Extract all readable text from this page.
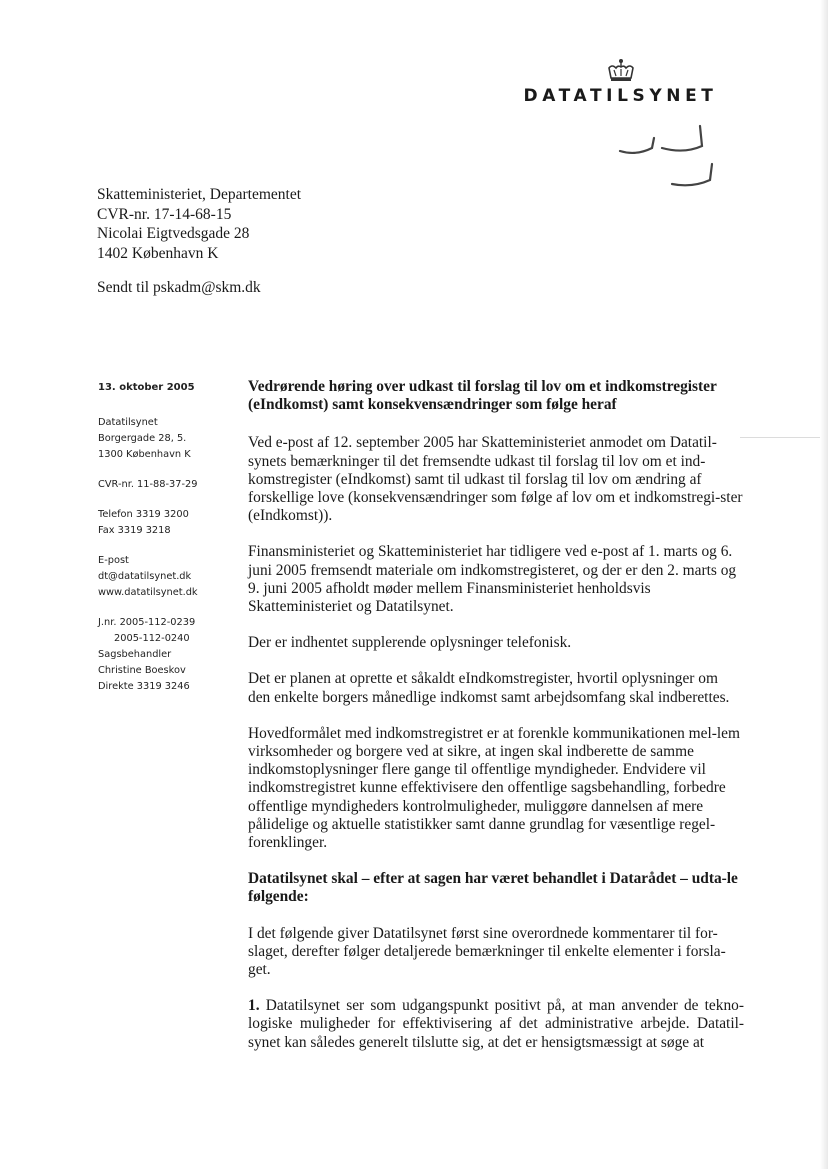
DATATILSYNET
Skatteministeriet, Departementet
CVR-nr. 17-14-68-15
Nicolai Eigtvedsgade 28
1402 København K
Sendt til pskadm@skm.dk
13. oktober 2005
Datatilsynet
Borgergade 28, 5.
1300 København K
CVR-nr. 11-88-37-29
Telefon 3319 3200
Fax 3319 3218
E-post
dt@datatilsynet.dk
www.datatilsynet.dk
J.nr. 2005-112-0239
2005-112-0240
Sagsbehandler
Christine Boeskov
Direkte 3319 3246

Vedrørende høring over udkast til forslag til lov om et indkomstregister (eIndkomst) samt konsekvensændringer som følge heraf

Ved e-post af 12. september 2005 har Skatteministeriet anmodet om Datatil-synets bemærkninger til det fremsendte udkast til forslag til lov om et ind-komstregister (eIndkomst) samt til udkast til forslag til lov om ændring af forskellige love (konsekvensændringer som følge af lov om et indkomstregi-ster (eIndkomst)).

Finansministeriet og Skatteministeriet har tidligere ved e-post af 1. marts og 6. juni 2005 fremsendt materiale om indkomstregisteret, og der er den 2. marts og 9. juni 2005 afholdt møder mellem Finansministeriet henholdsvis Skatteministeriet og Datatilsynet.

Der er indhentet supplerende oplysninger telefonisk.

Det er planen at oprette et såkaldt eIndkomstregister, hvortil oplysninger om den enkelte borgers månedlige indkomst samt arbejdsomfang skal indberettes.

Hovedformålet med indkomstregistret er at forenkle kommunikationen mel-lem virksomheder og borgere ved at sikre, at ingen skal indberette de samme indkomstoplysninger flere gange til offentlige myndigheder. Endvidere vil indkomstregistret kunne effektivisere den offentlige sagsbehandling, forbedre offentlige myndigheders kontrolmuligheder, muliggøre dannelsen af mere pålidelige og aktuelle statistikker samt danne grundlag for væsentlige regel-forenklinger.

Datatilsynet skal – efter at sagen har været behandlet i Datarådet – udta-le følgende:

I det følgende giver Datatilsynet først sine overordnede kommentarer til for-slaget, derefter følger detaljerede bemærkninger til enkelte elementer i forsla-get.

1. Datatilsynet ser som udgangspunkt positivt på, at man anvender de tekno-logiske muligheder for effektivisering af det administrative arbejde. Datatil-synet kan således generelt tilslutte sig, at det er hensigtsmæssigt at søge at
